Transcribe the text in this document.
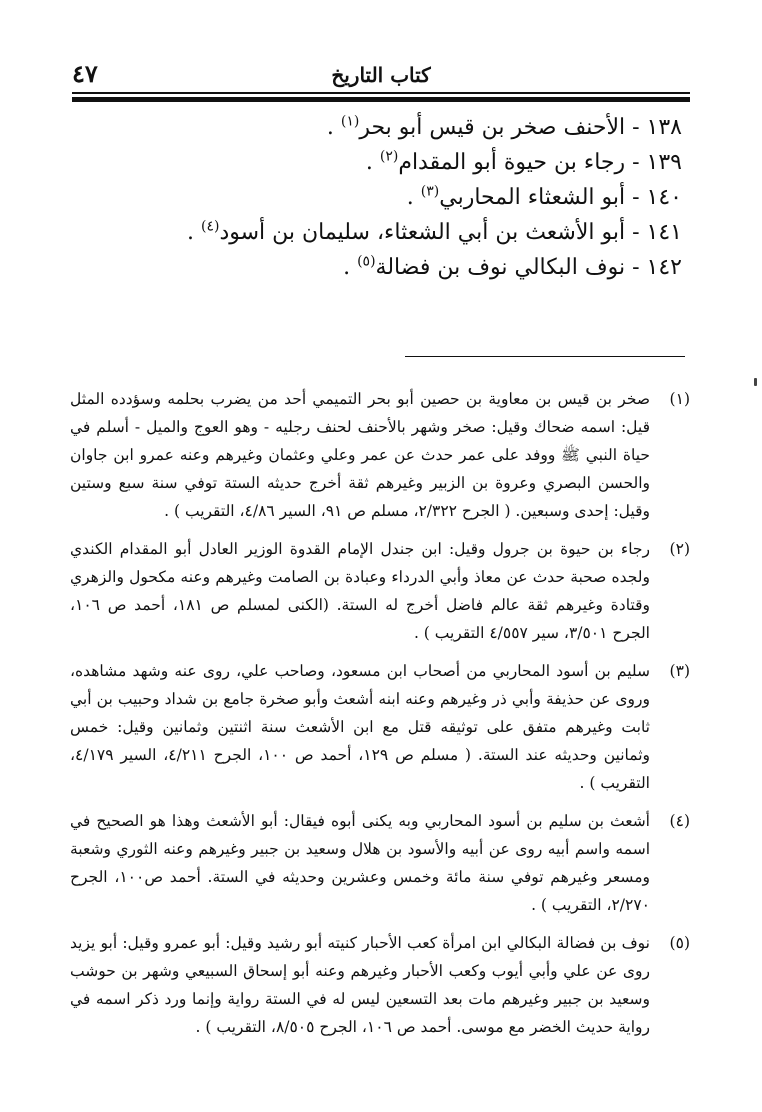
٤٧	كتاب التاريخ
١٣٨ - الأحنف صخر بن قيس أبو بحر$^{(١)}$ .
١٣٩ - رجاء بن حيوة أبو المقدام$^{(٢)}$ .
١٤٠ - أبو الشعثاء المحاربي$^{(٣)}$ .
١٤١ - أبو الأشعث بن أبي الشعثاء، سليمان بن أسود$^{(٤)}$ .
١٤٢ - نوف البكالي نوف بن فضالة$^{(٥)}$ .
(١)
صخر بن قيس بن معاوية بن حصين أبو بحر التميمي أحد من يضرب بحلمه وسؤدده المثل قيل: اسمه ضحاك وقيل: صخر وشهر بالأحنف لحنف رجليه - وهو العوج والميل - أسلم في حياة النبي ﷺ ووفد على عمر حدث عن عمر وعلي وعثمان وغيرهم وعنه عمرو ابن جاوان والحسن البصري وعروة بن الزبير وغيرهم ثقة أخرج حديثه الستة توفي سنة سبع وستين وقيل: إحدى وسبعين. ( الجرح ٢/٣٢٢، مسلم ص ٩١، السير ٤/٨٦، التقريب ) .
(٢)
رجاء بن حيوة بن جرول وقيل: ابن جندل الإمام القدوة الوزير العادل أبو المقدام الكندي ولجده صحبة حدث عن معاذ وأبي الدرداء وعبادة بن الصامت وغيرهم وعنه مكحول والزهري وقتادة وغيرهم ثقة عالم فاضل أخرج له الستة. (الكنى لمسلم ص ١٨١، أحمد ص ١٠٦، الجرح ٣/٥٠١، سير ٤/٥٥٧ التقريب ) .
(٣)
سليم بن أسود المحاربي من أصحاب ابن مسعود، وصاحب علي، روى عنه وشهد مشاهده، وروى عن حذيفة وأبي ذر وغيرهم وعنه ابنه أشعث وأبو صخرة جامع بن شداد وحبيب بن أبي ثابت وغيرهم متفق على توثيقه قتل مع ابن الأشعث سنة اثنتين وثمانين وقيل: خمس وثمانين وحديثه عند الستة. ( مسلم ص ١٢٩، أحمد ص ١٠٠، الجرح ٤/٢١١، السير ٤/١٧٩، التقريب ) .
(٤)
أشعث بن سليم بن أسود المحاربي وبه يكنى أبوه فيقال: أبو الأشعث وهذا هو الصحيح في اسمه واسم أبيه روى عن أبيه والأسود بن هلال وسعيد بن جبير وغيرهم وعنه الثوري وشعبة ومسعر وغيرهم توفي سنة مائة وخمس وعشرين وحديثه في الستة. أحمد ص١٠٠، الجرح ٢/٢٧٠، التقريب ) .
(٥)
نوف بن فضالة البكالي ابن امرأة كعب الأحبار كنيته أبو رشيد وقيل: أبو عمرو وقيل: أبو يزيد روى عن علي وأبي أيوب وكعب الأحبار وغيرهم وعنه أبو إسحاق السبيعي وشهر بن حوشب وسعيد بن جبير وغيرهم مات بعد التسعين ليس له في الستة رواية وإنما ورد ذكر اسمه في رواية حديث الخضر مع موسى. أحمد ص ١٠٦، الجرح ٨/٥٠٥، التقريب ) .
